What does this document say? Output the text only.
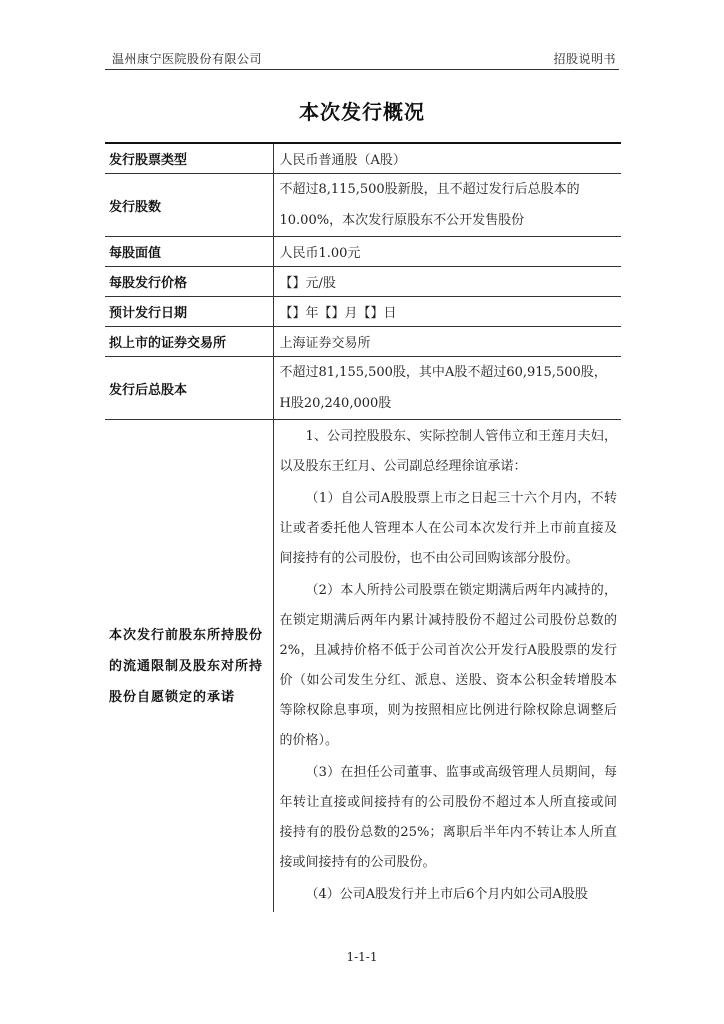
温州康宁医院股份有限公司	招股说明书
本次发行概况
发行股票类型	人民币普通股（A股）
发行股数	不超过8,115,500股新股，且不超过发行后总股本的10.00%，本次发行原股东不公开发售股份
每股面值	人民币1.00元
每股发行价格	【】元/股
预计发行日期	【】年【】月【】日
拟上市的证券交易所	上海证券交易所
发行后总股本	不超过81,155,500股，其中A股不超过60,915,500股，H股20,240,000股
本次发行前股东所持股份的流通限制及股东对所持股份自愿锁定的承诺	1、公司控股股东、实际控制人管伟立和王莲月夫妇，以及股东王红月、公司副总经理徐谊承诺：

（1）自公司A股股票上市之日起三十六个月内，不转让或者委托他人管理本人在公司本次发行并上市前直接及间接持有的公司股份，也不由公司回购该部分股份。

（2）本人所持公司股票在锁定期满后两年内减持的，在锁定期满后两年内累计减持股份不超过公司股份总数的2%，且减持价格不低于公司首次公开发行A股股票的发行价（如公司发生分红、派息、送股、资本公积金转增股本等除权除息事项，则为按照相应比例进行除权除息调整后的价格）。

（3）在担任公司董事、监事或高级管理人员期间，每年转让直接或间接持有的公司股份不超过本人所直接或间接持有的股份总数的25%；离职后半年内不转让本人所直接或间接持有的公司股份。

（4）公司A股发行并上市后6个月内如公司A股股

1-1-1
